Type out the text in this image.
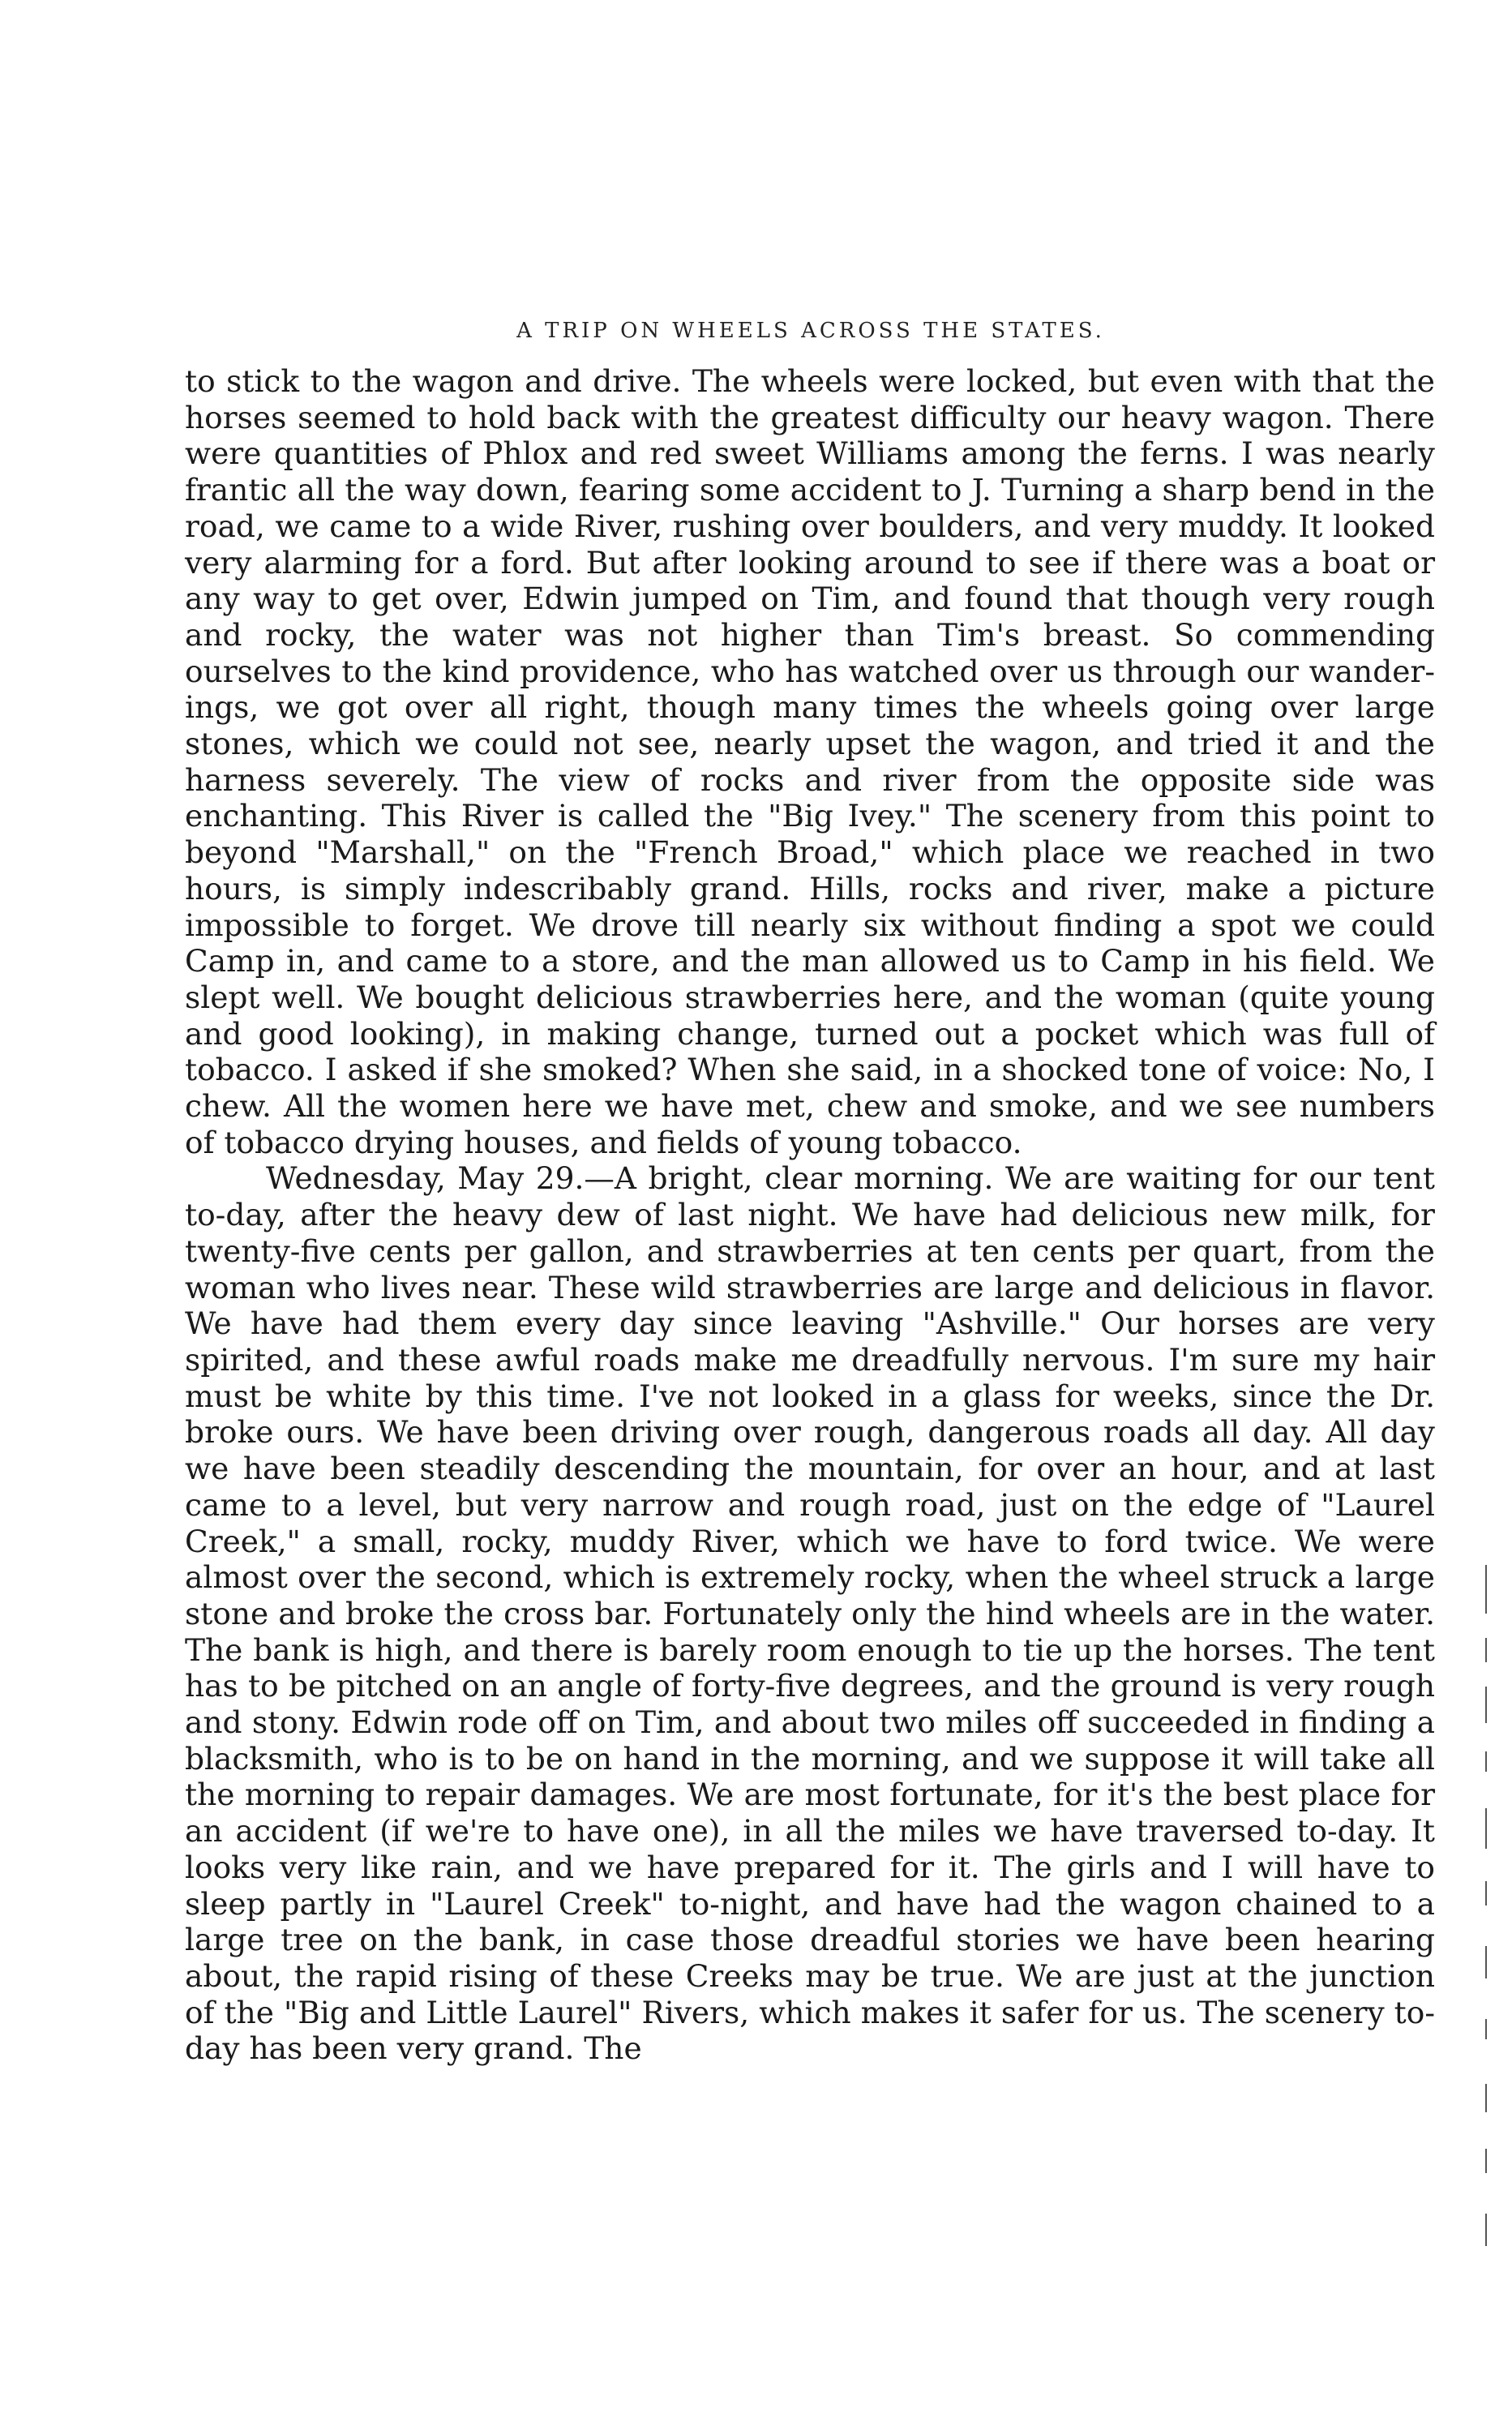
A TRIP ON WHEELS ACROSS THE STATES.

to stick to the wagon and drive. The wheels were locked, but even with that the horses seemed to hold back with the greatest difficulty our heavy wagon. There were quantities of Phlox and red sweet Williams among the ferns. I was nearly frantic all the way down, fearing some accident to J. Turning a sharp bend in the road, we came to a wide River, rushing over boulders, and very muddy. It looked very alarming for a ford. But after looking around to see if there was a boat or any way to get over, Edwin jumped on Tim, and found that though very rough and rocky, the water was not higher than Tim's breast. So commending ourselves to the kind providence, who has watched over us through our wanderings, we got over all right, though many times the wheels going over large stones, which we could not see, nearly upset the wagon, and tried it and the harness severely. The view of rocks and river from the opposite side was enchanting. This River is called the "Big Ivey." The scenery from this point to beyond "Marshall," on the "French Broad," which place we reached in two hours, is simply indescribably grand. Hills, rocks and river, make a picture impossible to forget. We drove till nearly six without finding a spot we could Camp in, and came to a store, and the man allowed us to Camp in his field. We slept well. We bought delicious strawberries here, and the woman (quite young and good looking), in making change, turned out a pocket which was full of tobacco. I asked if she smoked? When she said, in a shocked tone of voice: No, I chew. All the women here we have met, chew and smoke, and we see numbers of tobacco drying houses, and fields of young tobacco.

Wednesday, May 29.—A bright, clear morning. We are waiting for our tent to-day, after the heavy dew of last night. We have had delicious new milk, for twenty-five cents per gallon, and strawberries at ten cents per quart, from the woman who lives near. These wild strawberries are large and delicious in flavor. We have had them every day since leaving "Ashville." Our horses are very spirited, and these awful roads make me dreadfully nervous. I'm sure my hair must be white by this time. I've not looked in a glass for weeks, since the Dr. broke ours. We have been driving over rough, dangerous roads all day. All day we have been steadily descending the mountain, for over an hour, and at last came to a level, but very narrow and rough road, just on the edge of "Laurel Creek," a small, rocky, muddy River, which we have to ford twice. We were almost over the second, which is extremely rocky, when the wheel struck a large stone and broke the cross bar. Fortunately only the hind wheels are in the water. The bank is high, and there is barely room enough to tie up the horses. The tent has to be pitched on an angle of forty-five degrees, and the ground is very rough and stony. Edwin rode off on Tim, and about two miles off succeeded in finding a blacksmith, who is to be on hand in the morning, and we suppose it will take all the morning to repair damages. We are most fortunate, for it's the best place for an accident (if we're to have one), in all the miles we have traversed to-day. It looks very like rain, and we have prepared for it. The girls and I will have to sleep partly in "Laurel Creek" to-night, and have had the wagon chained to a large tree on the bank, in case those dreadful stories we have been hearing about, the rapid rising of these Creeks may be true. We are just at the junction of the "Big and Little Laurel" Rivers, which makes it safer for us. The scenery to-day has been very grand. The
